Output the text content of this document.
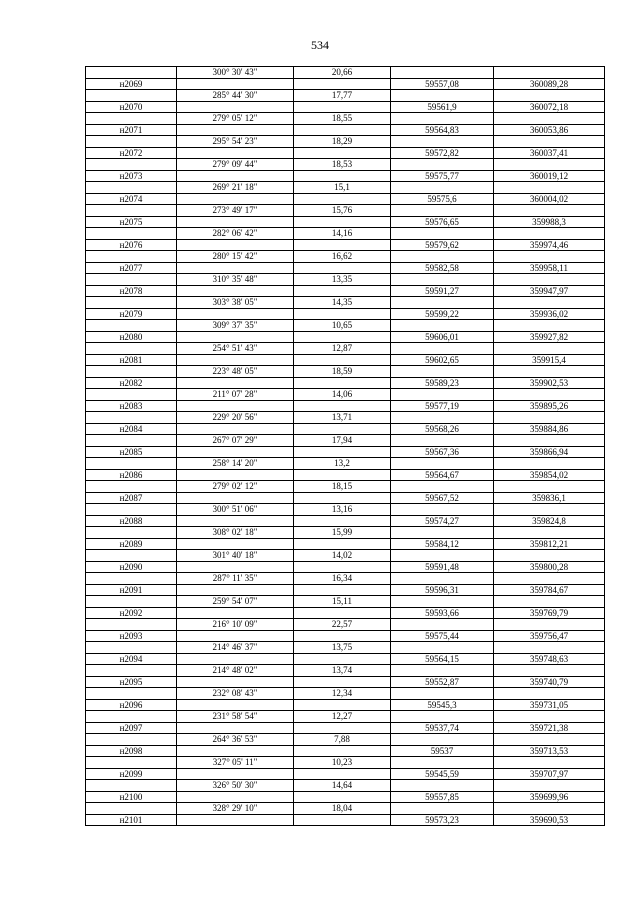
534
	300° 30' 43"	20,66		
н2069			59557,08	360089,28
	285° 44' 30"	17,77		
н2070			59561,9	360072,18
	279° 05' 12"	18,55		
н2071			59564,83	360053,86
	295° 54' 23"	18,29		
н2072			59572,82	360037,41
	279° 09' 44"	18,53		
н2073			59575,77	360019,12
	269° 21' 18"	15,1		
н2074			59575,6	360004,02
	273° 49' 17"	15,76		
н2075			59576,65	359988,3
	282° 06' 42"	14,16		
н2076			59579,62	359974,46
	280° 15' 42"	16,62		
н2077			59582,58	359958,11
	310° 35' 48"	13,35		
н2078			59591,27	359947,97
	303° 38' 05"	14,35		
н2079			59599,22	359936,02
	309° 37' 35"	10,65		
н2080			59606,01	359927,82
	254° 51' 43"	12,87		
н2081			59602,65	359915,4
	223° 48' 05"	18,59		
н2082			59589,23	359902,53
	211° 07' 28"	14,06		
н2083			59577,19	359895,26
	229° 20' 56"	13,71		
н2084			59568,26	359884,86
	267° 07' 29"	17,94		
н2085			59567,36	359866,94
	258° 14' 20"	13,2		
н2086			59564,67	359854,02
	279° 02' 12"	18,15		
н2087			59567,52	359836,1
	300° 51' 06"	13,16		
н2088			59574,27	359824,8
	308° 02' 18"	15,99		
н2089			59584,12	359812,21
	301° 40' 18"	14,02		
н2090			59591,48	359800,28
	287° 11' 35"	16,34		
н2091			59596,31	359784,67
	259° 54' 07"	15,11		
н2092			59593,66	359769,79
	216° 10' 09"	22,57		
н2093			59575,44	359756,47
	214° 46' 37"	13,75		
н2094			59564,15	359748,63
	214° 48' 02"	13,74		
н2095			59552,87	359740,79
	232° 08' 43"	12,34		
н2096			59545,3	359731,05
	231° 58' 54"	12,27		
н2097			59537,74	359721,38
	264° 36' 53"	7,88		
н2098			59537	359713,53
	327° 05' 11"	10,23		
н2099			59545,59	359707,97
	326° 50' 30"	14,64		
н2100			59557,85	359699,96
	328° 29' 10"	18,04		
н2101			59573,23	359690,53
